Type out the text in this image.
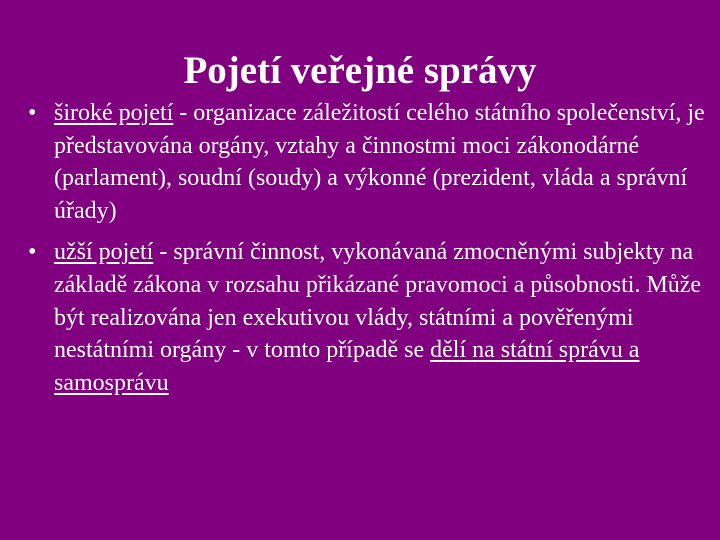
Pojetí veřejné správy
• široké pojetí - organizace záležitostí celého státního společenství, je představována orgány, vztahy a činnostmi moci zákonodárné (parlament), soudní (soudy) a výkonné (prezident, vláda a správní úřady)
• užší pojetí - správní činnost, vykonávaná zmocněnými subjekty na základě zákona v rozsahu přikázané pravomoci a působnosti. Může být realizována jen exekutivou vlády, státními a pověřenými nestátními orgány - v tomto případě se dělí na státní správu a samosprávu
